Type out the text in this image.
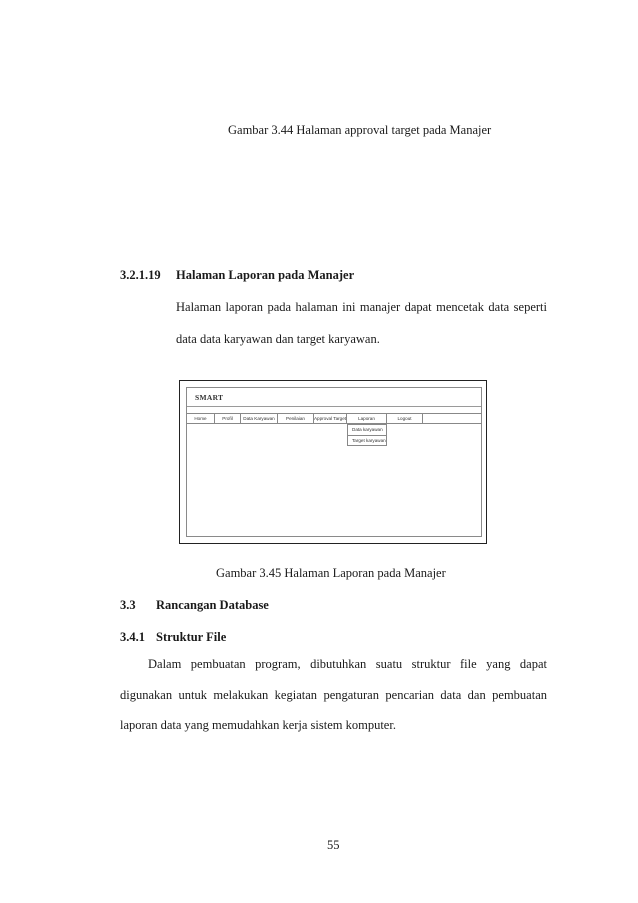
Gambar 3.44 Halaman approval target pada Manajer
3.2.1.19 Halaman Laporan pada Manajer
Halaman laporan pada halaman ini manajer dapat mencetak data seperti
data data karyawan dan target karyawan.
SMART
Home	Profil	Data Karyawan	Penilaian	Approval Target	Laporan	Logout
Data karyawan
Target karyawan
Gambar 3.45 Halaman Laporan pada Manajer
3.3 Rancangan Database
3.4.1 Struktur File
Dalam pembuatan program, dibutuhkan suatu struktur file yang dapat
digunakan untuk melakukan kegiatan pengaturan pencarian data dan pembuatan
laporan data yang memudahkan kerja sistem komputer.
55
